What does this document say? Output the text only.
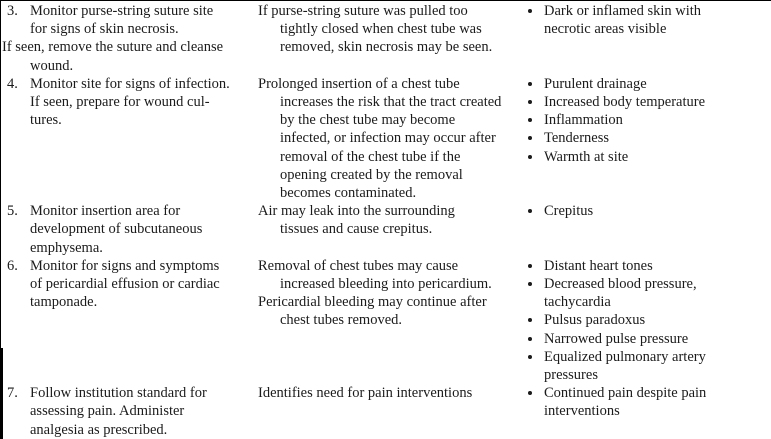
3. Monitor purse-string suture site
for signs of skin necrosis.
If seen, remove the suture and cleanse
wound.
If purse-string suture was pulled too
tightly closed when chest tube was
removed, skin necrosis may be seen.
Dark or inflamed skin with
necrotic areas visible
4. Monitor site for signs of infection.
If seen, prepare for wound cul-
tures.
Prolonged insertion of a chest tube
increases the risk that the tract created
by the chest tube may become
infected, or infection may occur after
removal of the chest tube if the
opening created by the removal
becomes contaminated.
Purulent drainage
Increased body temperature
Inflammation
Tenderness
Warmth at site
5. Monitor insertion area for
development of subcutaneous
emphysema.
Air may leak into the surrounding
tissues and cause crepitus.
Crepitus
6. Monitor for signs and symptoms
of pericardial effusion or cardiac
tamponade.
Removal of chest tubes may cause
increased bleeding into pericardium.
Pericardial bleeding may continue after
chest tubes removed.
Distant heart tones
Decreased blood pressure,
tachycardia
Pulsus paradoxus
Narrowed pulse pressure
Equalized pulmonary artery
pressures
7. Follow institution standard for
assessing pain. Administer
analgesia as prescribed.
Identifies need for pain interventions	Continued pain despite pain
interventions
